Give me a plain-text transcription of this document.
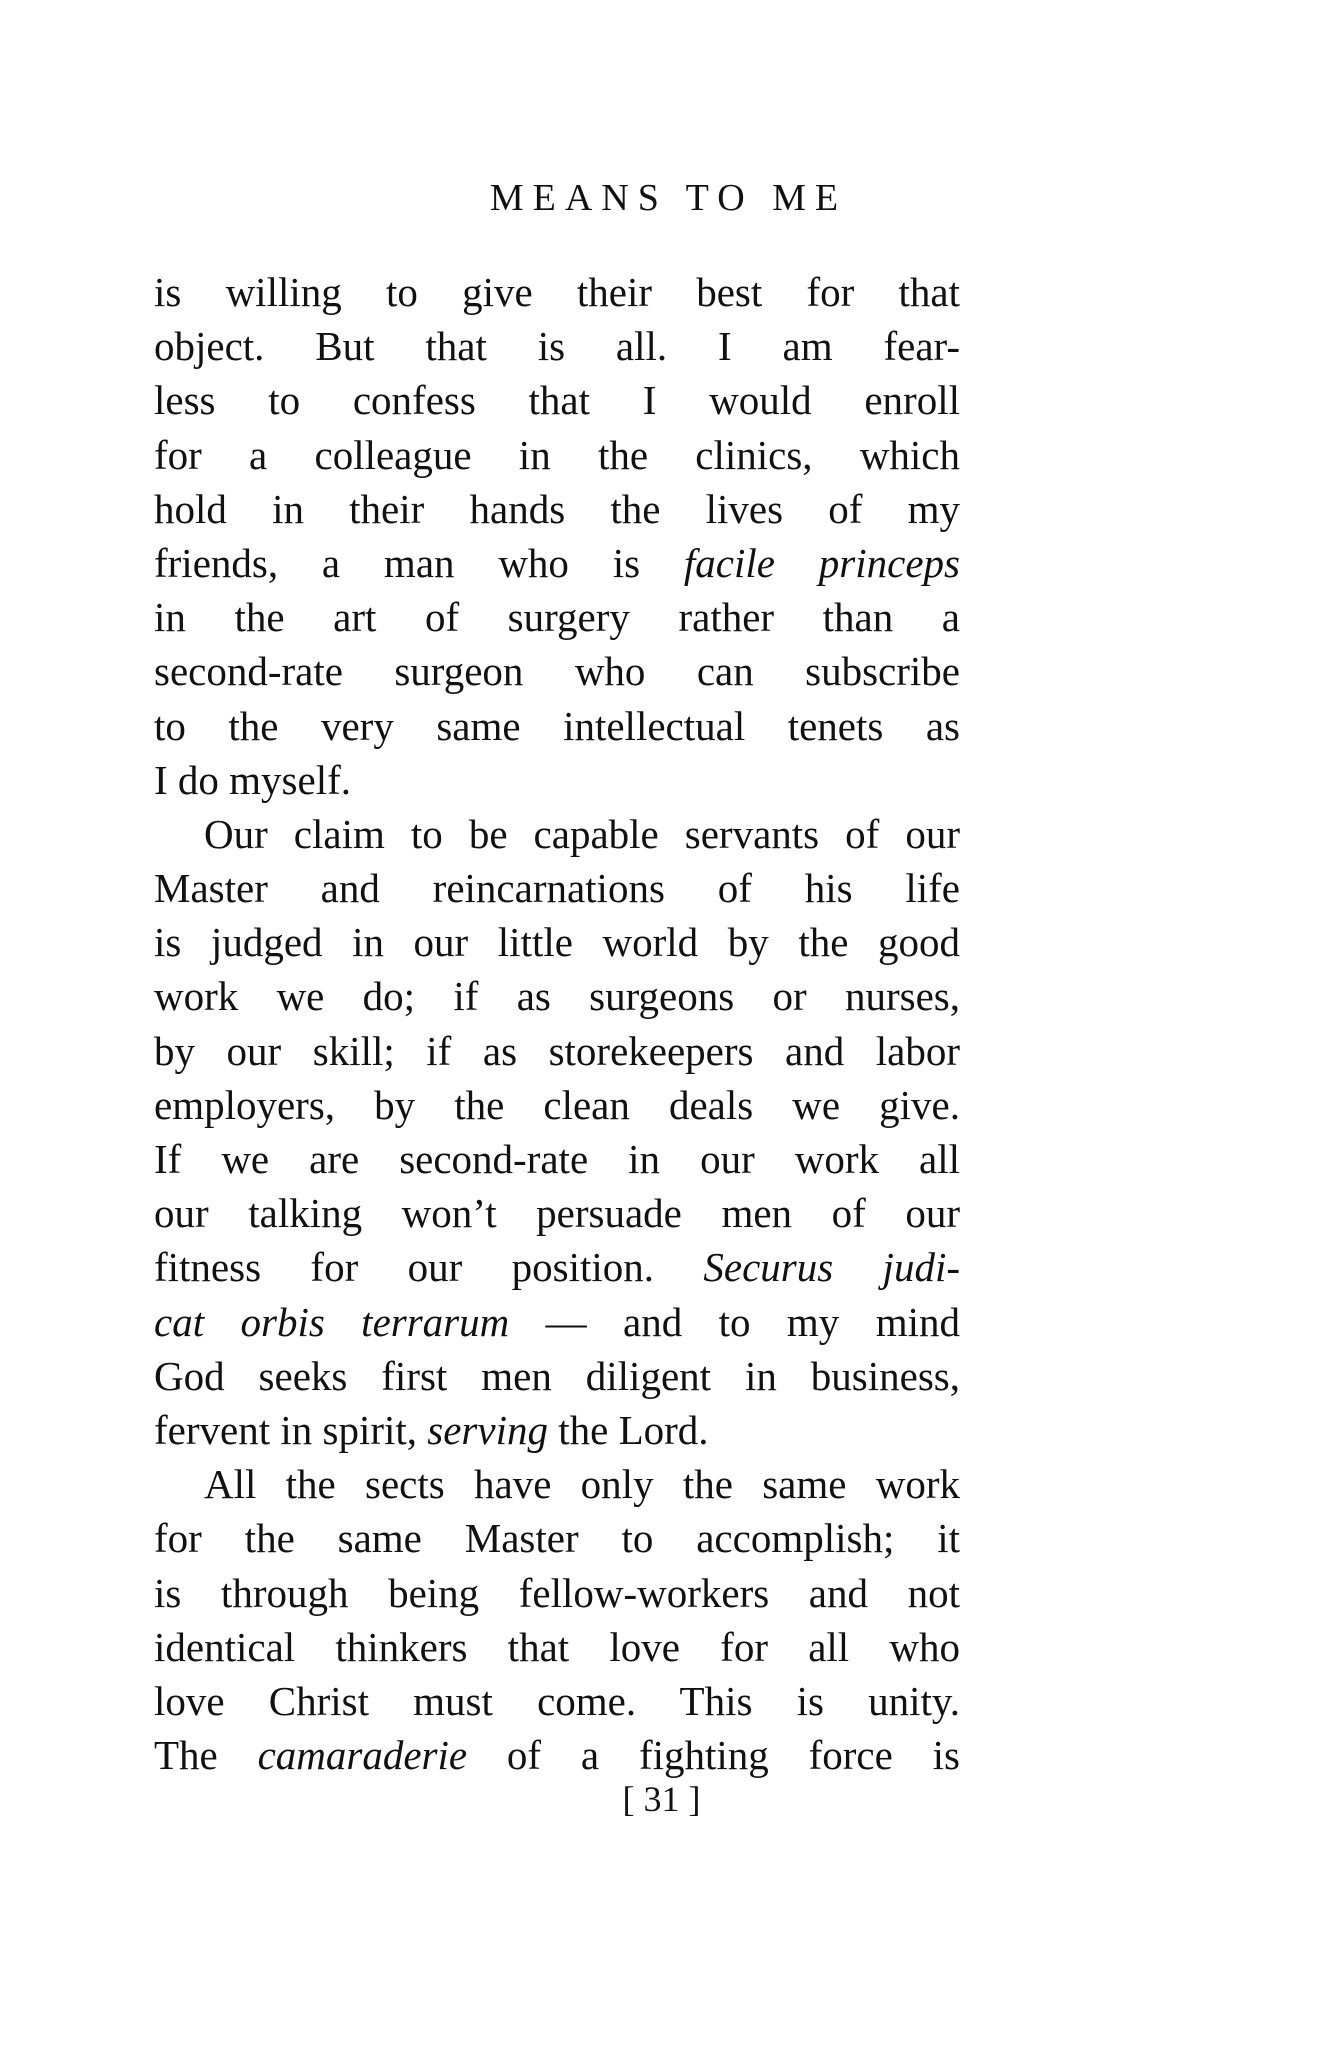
MEANS TO ME
is willing to give their best for that
object. But that is all. I am fear-
less to confess that I would enroll
for a colleague in the clinics, which
hold in their hands the lives of my
friends, a man who is facile princeps
in the art of surgery rather than a
second-rate surgeon who can subscribe
to the very same intellectual tenets as
I do myself.
Our claim to be capable servants of our
Master and reincarnations of his life
is judged in our little world by the good
work we do; if as surgeons or nurses,
by our skill; if as storekeepers and labor
employers, by the clean deals we give.
If we are second-rate in our work all
our talking won’t persuade men of our
fitness for our position. Securus judi-
cat orbis terrarum — and to my mind
God seeks first men diligent in business,
fervent in spirit, serving the Lord.
All the sects have only the same work
for the same Master to accomplish; it
is through being fellow-workers and not
identical thinkers that love for all who
love Christ must come. This is unity.
The camaraderie of a fighting force is
[ 31 ]
